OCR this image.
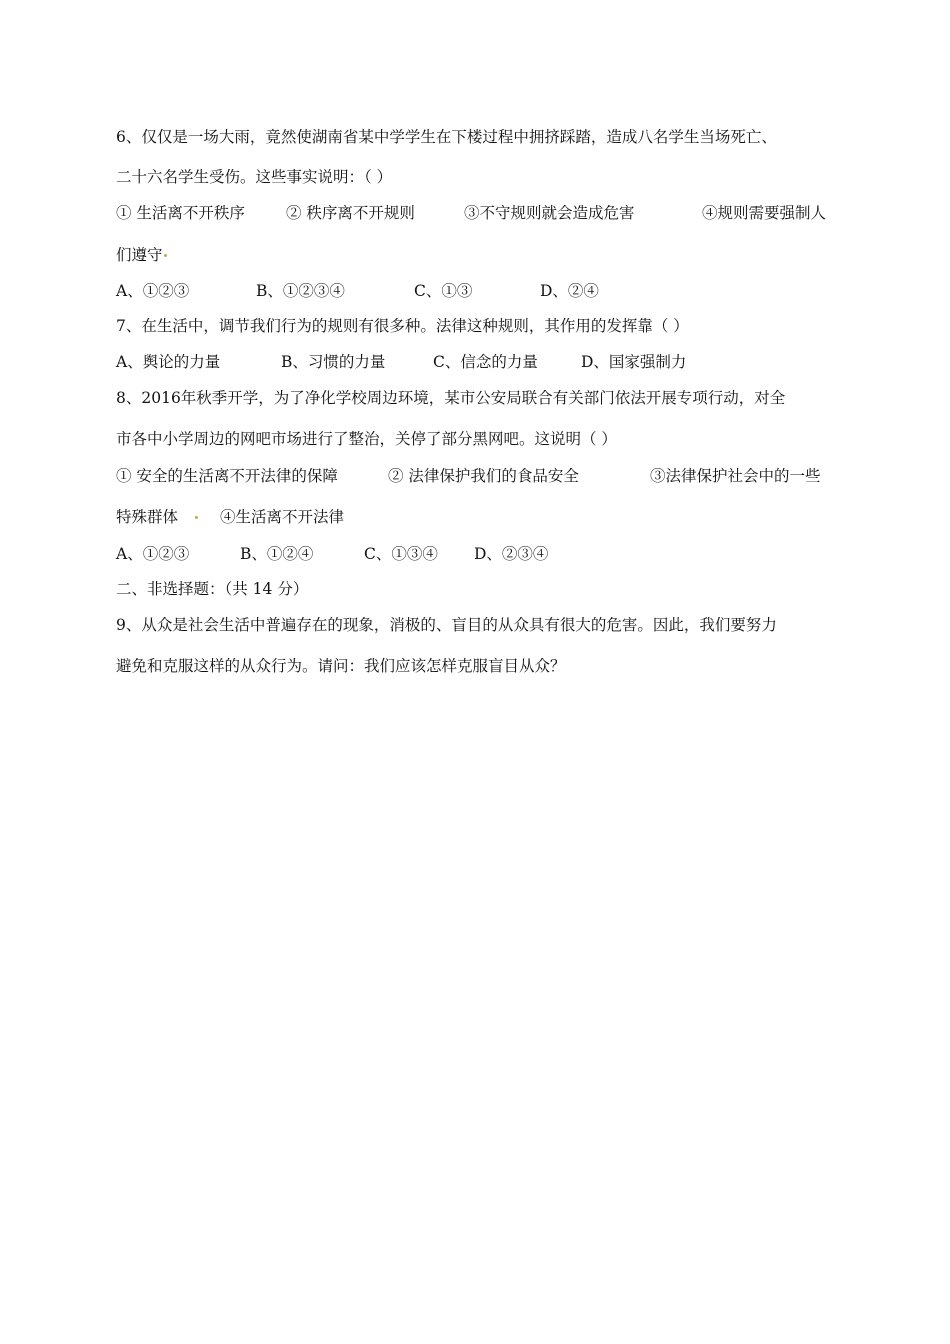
6、仅仅是一场大雨，竟然使湖南省某中学学生在下楼过程中拥挤踩踏，造成八名学生当场死亡、
二十六名学生受伤。这些事实说明：（ ）
① 生活离不开秩序	② 秩序离不开规则	③不守规则就会造成危害	④规则需要强制人
们遵守
A、①②③	B、①②③④	C、①③	D、②④
7、在生活中，调节我们行为的规则有很多种。法律这种规则，其作用的发挥靠（ ）
A、舆论的力量	B、习惯的力量	C、信念的力量	D、国家强制力
8、2016年秋季开学，为了净化学校周边环境，某市公安局联合有关部门依法开展专项行动，对全
市各中小学周边的网吧市场进行了整治，关停了部分黑网吧。这说明（ ）
① 安全的生活离不开法律的保障	② 法律保护我们的食品安全	③法律保护社会中的一些
特殊群体	④生活离不开法律
A、①②③	B、①②④	C、①③④	D、②③④
二、非选择题：（共 14 分）
9、从众是社会生活中普遍存在的现象，消极的、盲目的从众具有很大的危害。因此，我们要努力
避免和克服这样的从众行为。请问：我们应该怎样克服盲目从众？
